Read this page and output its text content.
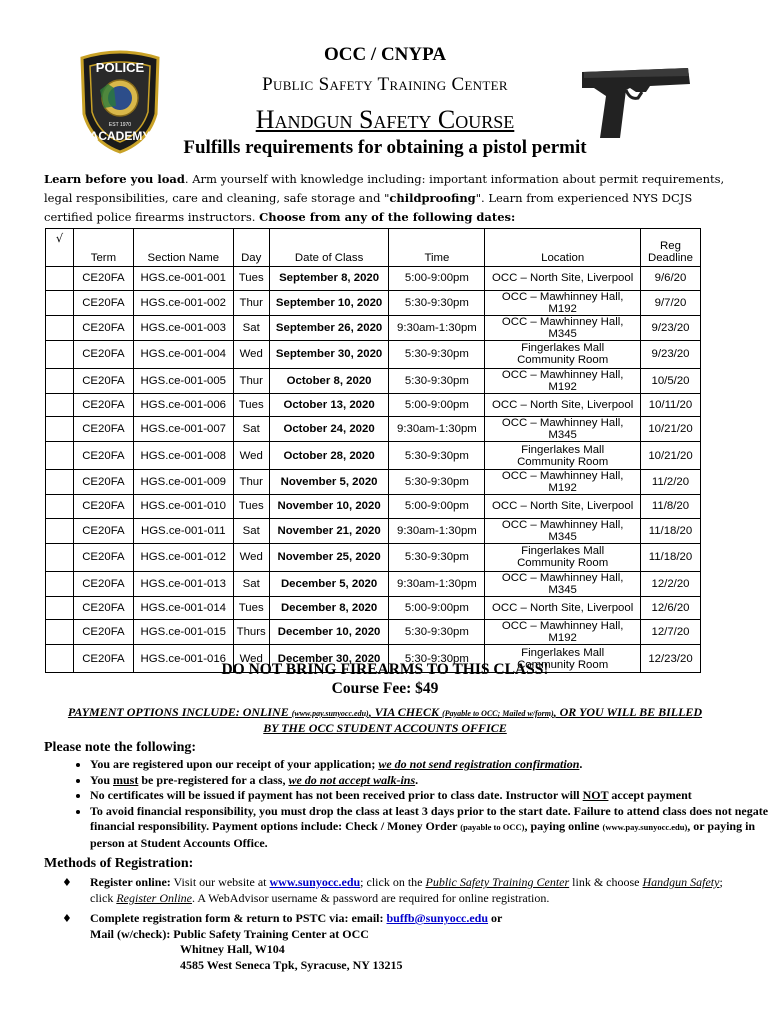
POLICE
EST 1970
ACADEMY
OCC / CNYPA
Public Safety Training Center
Handgun Safety Course
Fulfills requirements for obtaining a pistol permit
Learn before you load. Arm yourself with knowledge including: important information about permit requirements, legal responsibilities, care and cleaning, safe storage and "childproofing". Learn from experienced NYS DCJS certified police firearms instructors. Choose from any of the following dates:
√	Term	Section Name	Day	Date of Class	Time	Location	Reg
Deadline
	CE20FA	HGS.ce-001-001	Tues	September 8, 2020	5:00-9:00pm	OCC – North Site, Liverpool	9/6/20
	CE20FA	HGS.ce-001-002	Thur	September 10, 2020	5:30-9:30pm	OCC – Mawhinney Hall, M192	9/7/20
	CE20FA	HGS.ce-001-003	Sat	September 26, 2020	9:30am-1:30pm	OCC – Mawhinney Hall, M345	9/23/20
	CE20FA	HGS.ce-001-004	Wed	September 30, 2020	5:30-9:30pm	Fingerlakes Mall
Community Room	9/23/20
	CE20FA	HGS.ce-001-005	Thur	October 8, 2020	5:30-9:30pm	OCC – Mawhinney Hall, M192	10/5/20
	CE20FA	HGS.ce-001-006	Tues	October 13, 2020	5:00-9:00pm	OCC – North Site, Liverpool	10/11/20
	CE20FA	HGS.ce-001-007	Sat	October 24, 2020	9:30am-1:30pm	OCC – Mawhinney Hall, M345	10/21/20
	CE20FA	HGS.ce-001-008	Wed	October 28, 2020	5:30-9:30pm	Fingerlakes Mall
Community Room	10/21/20
	CE20FA	HGS.ce-001-009	Thur	November 5, 2020	5:30-9:30pm	OCC – Mawhinney Hall, M192	11/2/20
	CE20FA	HGS.ce-001-010	Tues	November 10, 2020	5:00-9:00pm	OCC – North Site, Liverpool	11/8/20
	CE20FA	HGS.ce-001-011	Sat	November 21, 2020	9:30am-1:30pm	OCC – Mawhinney Hall, M345	11/18/20
	CE20FA	HGS.ce-001-012	Wed	November 25, 2020	5:30-9:30pm	Fingerlakes Mall
Community Room	11/18/20
	CE20FA	HGS.ce-001-013	Sat	December 5, 2020	9:30am-1:30pm	OCC – Mawhinney Hall, M345	12/2/20
	CE20FA	HGS.ce-001-014	Tues	December 8, 2020	5:00-9:00pm	OCC – North Site, Liverpool	12/6/20
	CE20FA	HGS.ce-001-015	Thurs	December 10, 2020	5:30-9:30pm	OCC – Mawhinney Hall, M192	12/7/20
	CE20FA	HGS.ce-001-016	Wed	December 30, 2020	5:30-9:30pm	Fingerlakes Mall
Community Room	12/23/20
DO NOT BRING FIREARMS TO THIS CLASS!
Course Fee: $49
PAYMENT OPTIONS INCLUDE: ONLINE (www.pay.sunyocc.edu), VIA CHECK (Payable to OCC; Mailed w/form), OR YOU WILL BE BILLED BY THE OCC STUDENT ACCOUNTS OFFICE
Please note the following:
• You are registered upon our receipt of your application; we do not send registration confirmation.
• You must be pre-registered for a class, we do not accept walk-ins.
• No certificates will be issued if payment has not been received prior to class date. Instructor will NOT accept payment
• To avoid financial responsibility, you must drop the class at least 3 days prior to the start date. Failure to attend class does not negate financial responsibility. Payment options include: Check / Money Order (payable to OCC), paying online (www.pay.sunyocc.edu), or paying in person at Student Accounts Office.
Methods of Registration:
♦ Register online: Visit our website at www.sunyocc.edu; click on the Public Safety Training Center link & choose Handgun Safety; click Register Online. A WebAdvisor username & password are required for online registration.
♦ Complete registration form & return to PSTC via: email: buffb@sunyocc.edu or
Mail (w/check): Public Safety Training Center at OCC
Whitney Hall, W104
4585 West Seneca Tpk, Syracuse, NY 13215
